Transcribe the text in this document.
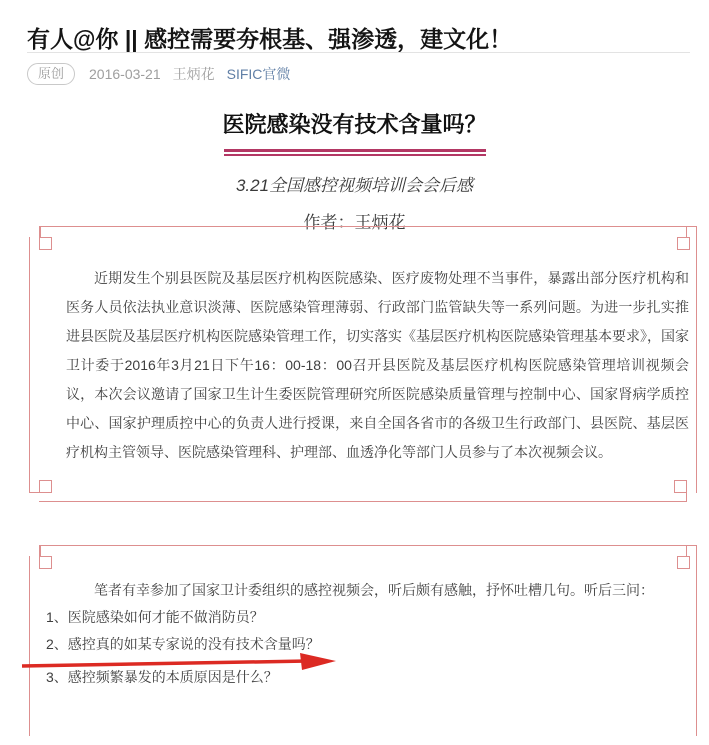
有人@你 || 感控需要夯根基、强渗透，建文化！
原创	2016-03-21 王炳花 SIFIC官微
医院感染没有技术含量吗？
3.21全国感控视频培训会会后感
作者：王炳花
近期发生个别县医院及基层医疗机构医院感染、医疗废物处理不当事件，暴露出部分医疗机构和医务人员依法执业意识淡薄、医院感染管理薄弱、行政部门监管缺失等一系列问题。为进一步扎实推进县医院及基层医疗机构医院感染管理工作，切实落实《基层医疗机构医院感染管理基本要求》，国家卫计委于2016年3月21日下午16：00-18：00召开县医院及基层医疗机构医院感染管理培训视频会议，本次会议邀请了国家卫生计生委医院管理研究所医院感染质量管理与控制中心、国家肾病学质控中心、国家护理质控中心的负责人进行授课，来自全国各省市的各级卫生行政部门、县医院、基层医疗机构主管领导、医院感染管理科、护理部、血透净化等部门人员参与了本次视频会议。

笔者有幸参加了国家卫计委组织的感控视频会，听后颇有感触，抒怀吐槽几句。听后三问：

1、医院感染如何才能不做消防员？

2、感控真的如某专家说的没有技术含量吗？

3、感控频繁暴发的本质原因是什么？
